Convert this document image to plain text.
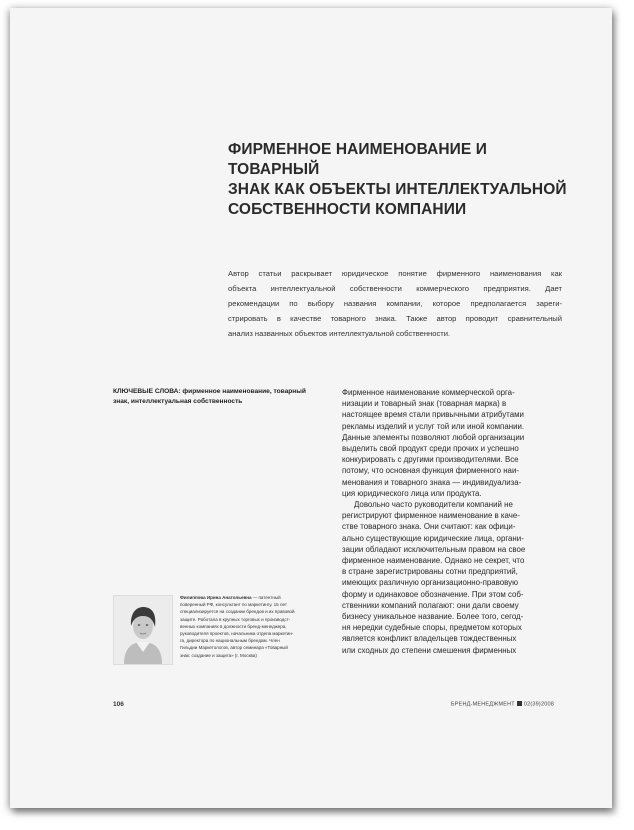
ФИРМЕННОЕ НАИМЕНОВАНИЕ И ТОВАРНЫЙ
ЗНАК КАК ОБЪЕКТЫ ИНТЕЛЛЕКТУАЛЬНОЙ
СОБСТВЕННОСТИ КОМПАНИИ
Автор статьи раскрывает юридическое понятие фирменного наименования как
объекта интеллектуальной собственности коммерческого предприятия. Дает
рекомендации по выбору названия компании, которое предполагается зареги-
стрировать в качестве товарного знака. Также автор проводит сравнительный
анализ названных объектов интеллектуальной собственности.
КЛЮЧЕВЫЕ СЛОВА: фирменное наименование, товарный
знак, интеллектуальная собственность
Фирменное наименование коммерческой орга-
низации и товарный знак (товарная марка) в
настоящее время стали привычными атрибутами
рекламы изделий и услуг той или иной компании.
Данные элементы позволяют любой организации
выделить свой продукт среди прочих и успешно
конкурировать с другими производителями. Все
потому, что основная функция фирменного наи-
менования и товарного знака — индивидуализа-
ция юридического лица или продукта.
Довольно часто руководители компаний не
регистрируют фирменное наименование в каче-
стве товарного знака. Они считают: как офици-
ально существующие юридические лица, органи-
зации обладают исключительным правом на свое
фирменное наименование. Однако не секрет, что
в стране зарегистрированы сотни предприятий,
имеющих различную организационно-правовую
форму и одинаковое обозначение. При этом соб-
ственники компаний полагают: они дали своему
бизнесу уникальное название. Более того, сегод-
ня нередки судебные споры, предметом которых
является конфликт владельцев тождественных
или сходных до степени смешения фирменных
Филиппова Ирина Анатольевна — патентный
поверенный РФ, консультант по маркетингу. 15 лет
специализируется на создании брендов и их правовой
защите. Работала в крупных торговых и производст-
венных компаниях в должности бренд-менеджера,
руководителя проектов, начальника отдела маркетин-
га, директора по национальным брендам. Член
Гильдии Маркетологов, автор семинара «Товарный
знак: создание и защита» (г. Москва)
106	БРЕНД-МЕНЕДЖМЕНТ 02(39)2008
